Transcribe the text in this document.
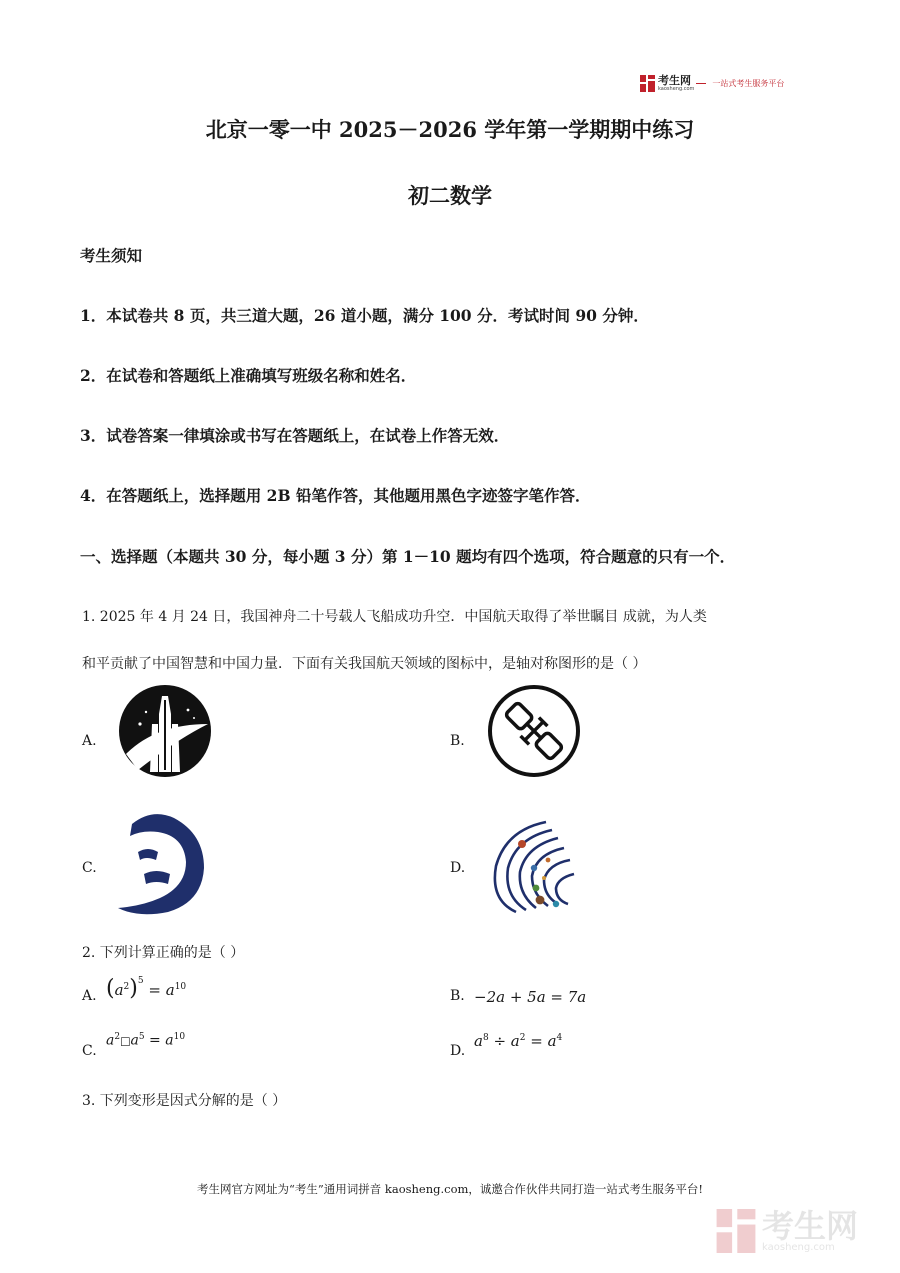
考生网
kaosheng.com
一站式考生服务平台
北京一零一中 2025－2026 学年第一学期期中练习
初二数学
考生须知
1．本试卷共 8 页，共三道大题，26 道小题，满分 100 分．考试时间 90 分钟．
2．在试卷和答题纸上准确填写班级名称和姓名．
3．试卷答案一律填涂或书写在答题纸上，在试卷上作答无效．
4．在答题纸上，选择题用 2B 铅笔作答，其他题用黑色字迹签字笔作答．
一、选择题（本题共 30 分，每小题 3 分）第 1－10 题均有四个选项，符合题意的只有一个．
1. 2025 年 4 月 24 日，我国神舟二十号载人飞船成功升空．中国航天取得了举世瞩目 成就，为人类
和平贡献了中国智慧和中国力量．下面有关我国航天领域的图标中，是轴对称图形的是（ ）
A.	B.
C.	D.
2. 下列计算正确的是（ ）
A. $(a^2)^5 = a^{10}$
B. −2a + 5a = 7a
C.
$a^2□a^5 = a^{10}$
D.
$a^8 \div a^2 = a^4$
3. 下列变形是因式分解的是（ ）
考生网官方网址为“考生”通用词拼音 kaosheng.com，诚邀合作伙伴共同打造一站式考生服务平台!
考生网
kaosheng.com
